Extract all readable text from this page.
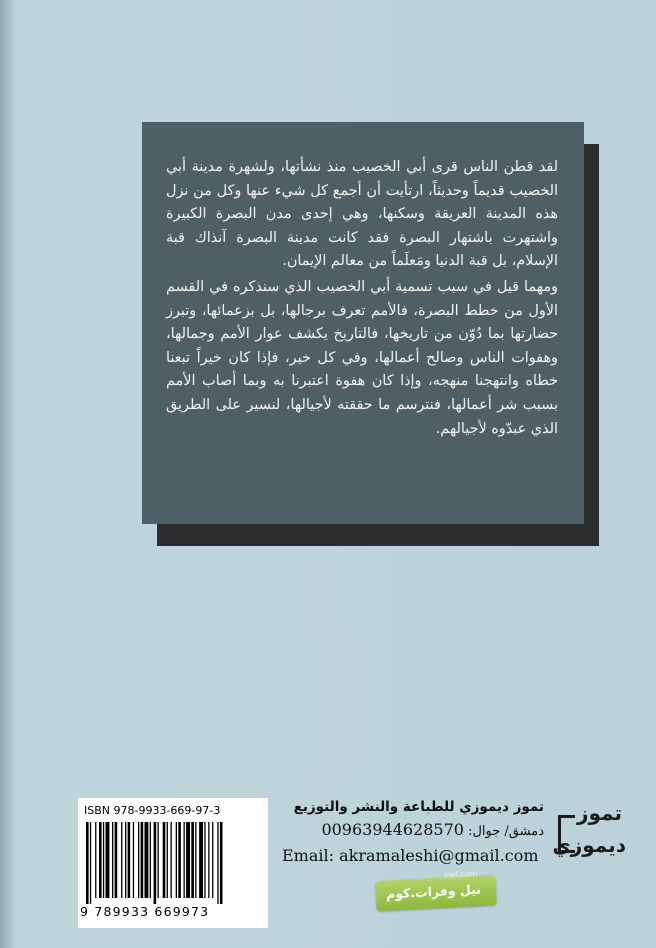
لقد قطن الناس قرى أبي الخصيب منذ نشأتها، ولشهرة مدينة أبي الخصيب قديماً وحديثاً، ارتأيت أن أجمع كل شيء عنها وكل من نزل هذه المدينة العريقة وسكنها، وهي إحدى مدن البصرة الكبيرة واشتهرت باشتهار البصرة فقد كانت مدينة البصرة آنذاك قبة الإسلام، بل قبة الدنيا ومَعلَماً من معالم الإيمان.

ومهما قيل في سبب تسمية أبي الخصيب الذي سنذكره في القسم الأول من خطط البصرة، فالأمم تعرف برجالها، بل بزعمائها، وتبرز حضارتها بما دُوّن من تاريخها، فالتاريخ يكشف عوار الأمم وجمالها، وهفوات الناس وصالح أعمالها، وفي كل خير، فإذا كان خيراً تبعنا خطاه وانتهجنا منهجه، وإذا كان هفوة اعتبرنا به وبما أصاب الأمم بسبب شر أعمالها، فنترسم ما حققته لأجيالها، لنسير على الطريق الذي عبدّوه لأجيالهم.

تموز ديموزي للطباعة والنشر والتوزيع
دمشق/ جوال: 00963944628570
Email: akramaleshi@gmail.com
تموز
ديموزي
ISBN 978-9933-669-97-3
9 789933 669973
nwf.com
نيل وفرات.كوم
